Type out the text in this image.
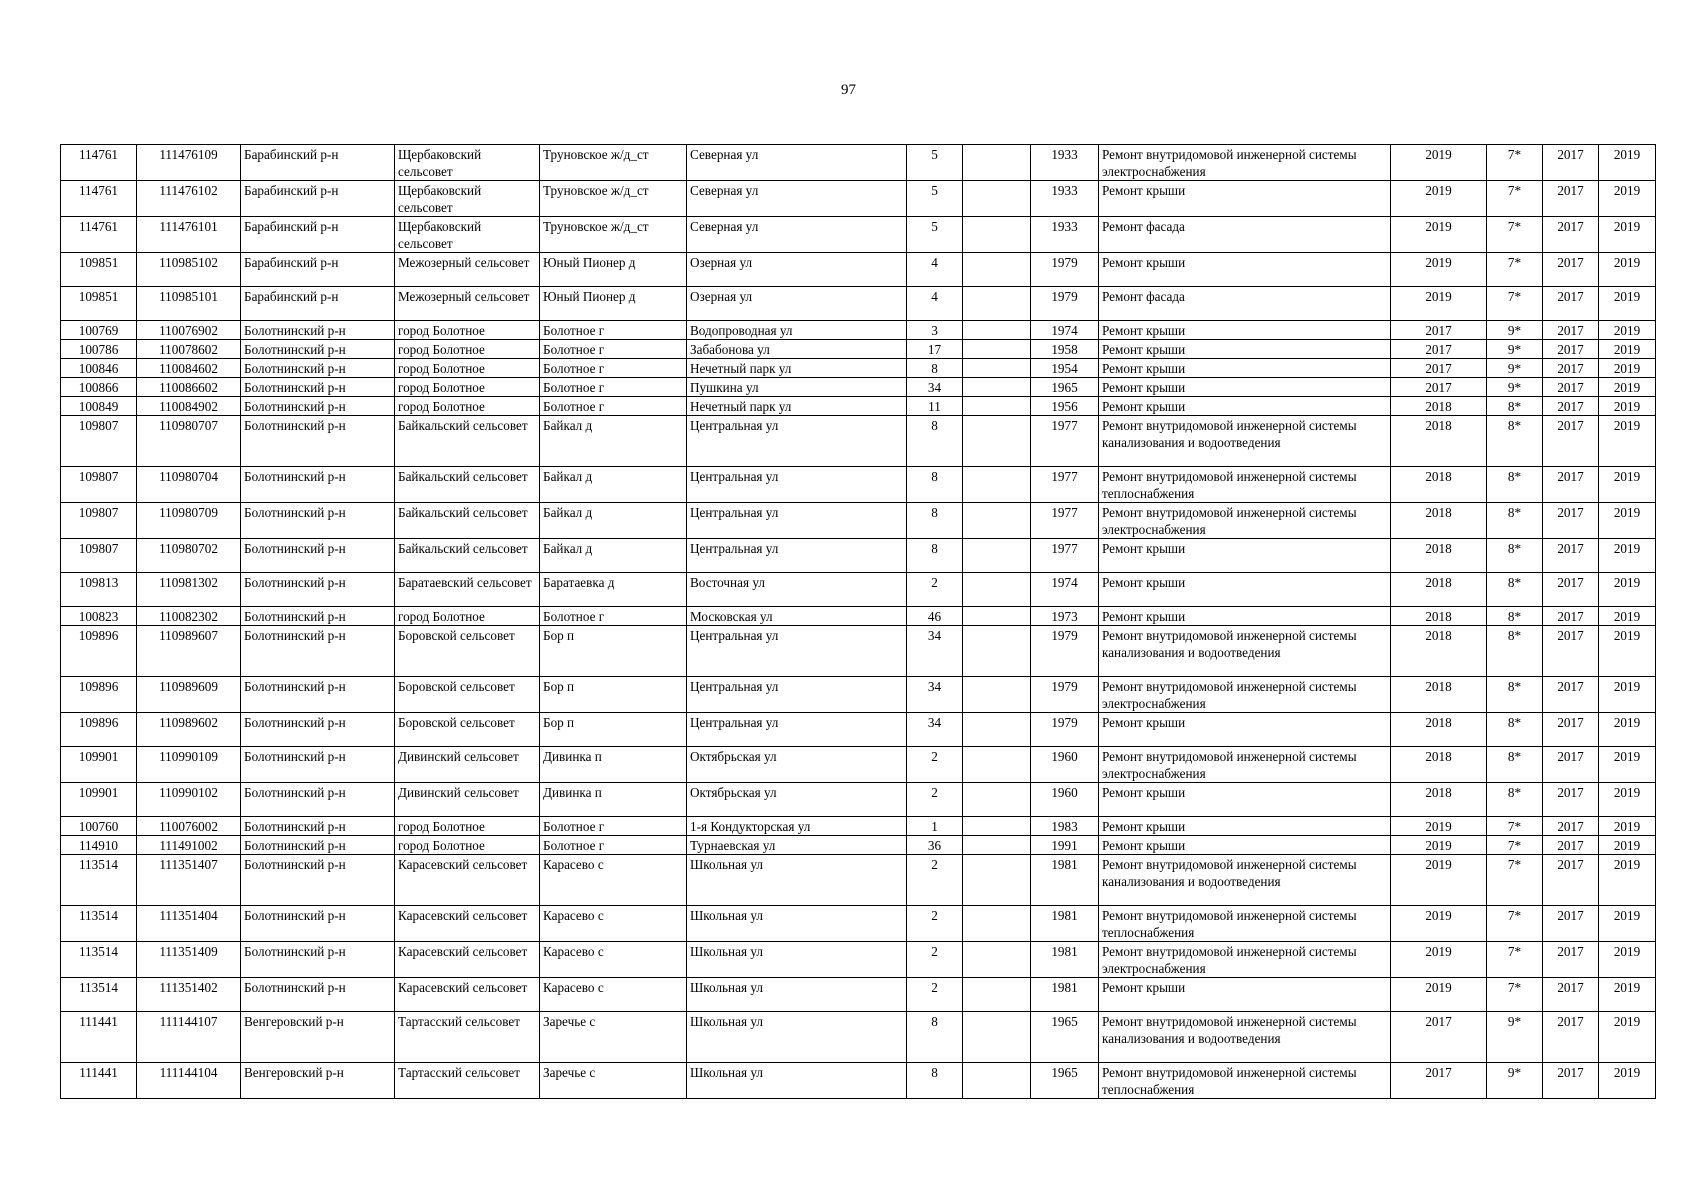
97
114761	111476109	Барабинский р-н	Щербаковский сельсовет	Труновское ж/д_ст	Северная ул	5		1933	Ремонт внутридомовой инженерной системы электроснабжения	2019	7*	2017	2019
114761	111476102	Барабинский р-н	Щербаковский сельсовет	Труновское ж/д_ст	Северная ул	5		1933	Ремонт крыши	2019	7*	2017	2019
114761	111476101	Барабинский р-н	Щербаковский сельсовет	Труновское ж/д_ст	Северная ул	5		1933	Ремонт фасада	2019	7*	2017	2019
109851	110985102	Барабинский р-н	Межозерный сельсовет	Юный Пионер д	Озерная ул	4		1979	Ремонт крыши	2019	7*	2017	2019
109851	110985101	Барабинский р-н	Межозерный сельсовет	Юный Пионер д	Озерная ул	4		1979	Ремонт фасада	2019	7*	2017	2019
100769	110076902	Болотнинский р-н	город Болотное	Болотное г	Водопроводная ул	3		1974	Ремонт крыши	2017	9*	2017	2019
100786	110078602	Болотнинский р-н	город Болотное	Болотное г	Забабонова ул	17		1958	Ремонт крыши	2017	9*	2017	2019
100846	110084602	Болотнинский р-н	город Болотное	Болотное г	Нечетный парк ул	8		1954	Ремонт крыши	2017	9*	2017	2019
100866	110086602	Болотнинский р-н	город Болотное	Болотное г	Пушкина ул	34		1965	Ремонт крыши	2017	9*	2017	2019
100849	110084902	Болотнинский р-н	город Болотное	Болотное г	Нечетный парк ул	11		1956	Ремонт крыши	2018	8*	2017	2019
109807	110980707	Болотнинский р-н	Байкальский сельсовет	Байкал д	Центральная ул	8		1977	Ремонт внутридомовой инженерной системы канализования и водоотведения	2018	8*	2017	2019
109807	110980704	Болотнинский р-н	Байкальский сельсовет	Байкал д	Центральная ул	8		1977	Ремонт внутридомовой инженерной системы теплоснабжения	2018	8*	2017	2019
109807	110980709	Болотнинский р-н	Байкальский сельсовет	Байкал д	Центральная ул	8		1977	Ремонт внутридомовой инженерной системы электроснабжения	2018	8*	2017	2019
109807	110980702	Болотнинский р-н	Байкальский сельсовет	Байкал д	Центральная ул	8		1977	Ремонт крыши	2018	8*	2017	2019
109813	110981302	Болотнинский р-н	Баратаевский сельсовет	Баратаевка д	Восточная ул	2		1974	Ремонт крыши	2018	8*	2017	2019
100823	110082302	Болотнинский р-н	город Болотное	Болотное г	Московская ул	46		1973	Ремонт крыши	2018	8*	2017	2019
109896	110989607	Болотнинский р-н	Боровской сельсовет	Бор п	Центральная ул	34		1979	Ремонт внутридомовой инженерной системы канализования и водоотведения	2018	8*	2017	2019
109896	110989609	Болотнинский р-н	Боровской сельсовет	Бор п	Центральная ул	34		1979	Ремонт внутридомовой инженерной системы электроснабжения	2018	8*	2017	2019
109896	110989602	Болотнинский р-н	Боровской сельсовет	Бор п	Центральная ул	34		1979	Ремонт крыши	2018	8*	2017	2019
109901	110990109	Болотнинский р-н	Дивинский сельсовет	Дивинка п	Октябрьская ул	2		1960	Ремонт внутридомовой инженерной системы электроснабжения	2018	8*	2017	2019
109901	110990102	Болотнинский р-н	Дивинский сельсовет	Дивинка п	Октябрьская ул	2		1960	Ремонт крыши	2018	8*	2017	2019
100760	110076002	Болотнинский р-н	город Болотное	Болотное г	1-я Кондукторская ул	1		1983	Ремонт крыши	2019	7*	2017	2019
114910	111491002	Болотнинский р-н	город Болотное	Болотное г	Турнаевская ул	36		1991	Ремонт крыши	2019	7*	2017	2019
113514	111351407	Болотнинский р-н	Карасевский сельсовет	Карасево с	Школьная ул	2		1981	Ремонт внутридомовой инженерной системы канализования и водоотведения	2019	7*	2017	2019
113514	111351404	Болотнинский р-н	Карасевский сельсовет	Карасево с	Школьная ул	2		1981	Ремонт внутридомовой инженерной системы теплоснабжения	2019	7*	2017	2019
113514	111351409	Болотнинский р-н	Карасевский сельсовет	Карасево с	Школьная ул	2		1981	Ремонт внутридомовой инженерной системы электроснабжения	2019	7*	2017	2019
113514	111351402	Болотнинский р-н	Карасевский сельсовет	Карасево с	Школьная ул	2		1981	Ремонт крыши	2019	7*	2017	2019
111441	111144107	Венгеровский р-н	Тартасский сельсовет	Заречье с	Школьная ул	8		1965	Ремонт внутридомовой инженерной системы канализования и водоотведения	2017	9*	2017	2019
111441	111144104	Венгеровский р-н	Тартасский сельсовет	Заречье с	Школьная ул	8		1965	Ремонт внутридомовой инженерной системы теплоснабжения	2017	9*	2017	2019
